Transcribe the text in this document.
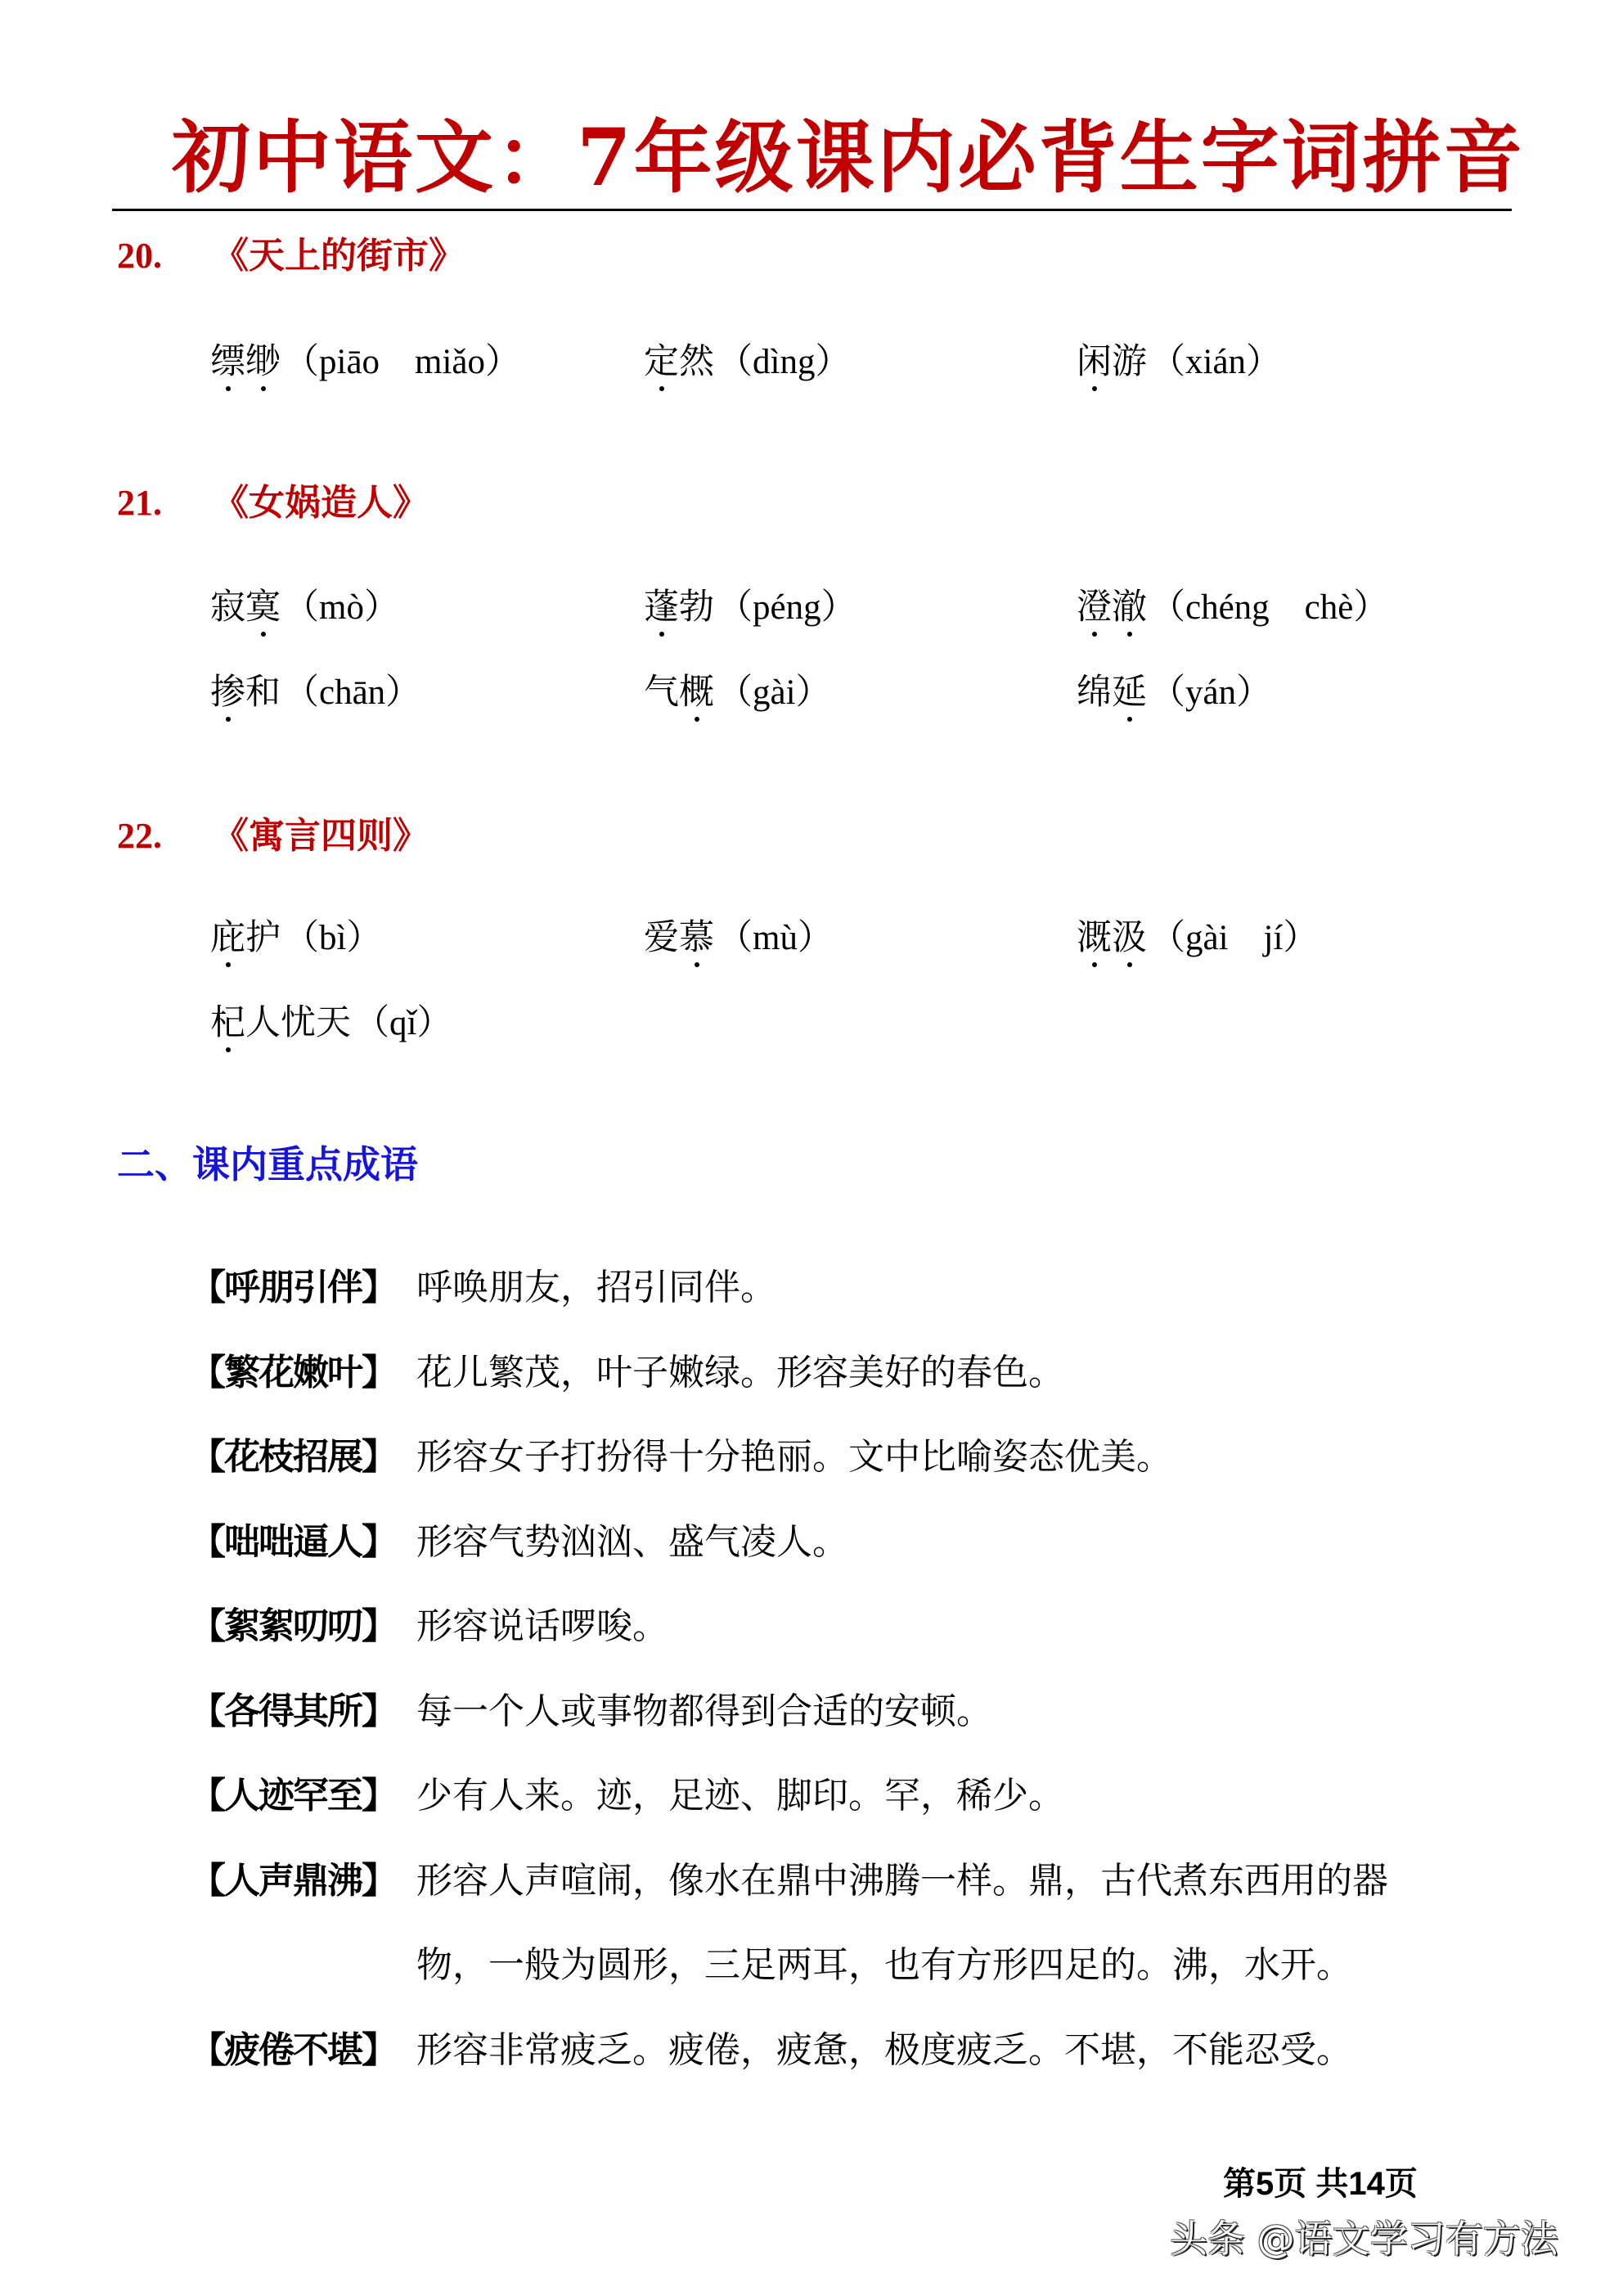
初中语文：7年级课内必背生字词拼音
20. 《天上的街市》
21. 《女娲造人》
22. 《寓言四则》
缥缈（piāo　miǎo）	定然（dìng）	闲游（xián）
寂寞（mò）	蓬勃（péng）	澄澈（chéng　chè）
掺和（chān）	气概（gài）	绵延（yán）
庇护（bì）	爱慕（mù）	溉汲（gài　jí）
杞人忧天（qǐ）
二、课内重点成语
【呼朋引伴】 呼唤朋友，招引同伴。
【繁花嫩叶】 花儿繁茂，叶子嫩绿。形容美好的春色。
【花枝招展】 形容女子打扮得十分艳丽。文中比喻姿态优美。
【咄咄逼人】 形容气势汹汹、盛气凌人。
【絮絮叨叨】 形容说话啰唆。
【各得其所】 每一个人或事物都得到合适的安顿。
【人迹罕至】 少有人来。迹，足迹、脚印。罕，稀少。
【人声鼎沸】 形容人声喧闹，像水在鼎中沸腾一样。鼎，古代煮东西用的器
物，一般为圆形，三足两耳，也有方形四足的。沸，水开。
【疲倦不堪】 形容非常疲乏。疲倦，疲惫，极度疲乏。不堪，不能忍受。
第5页 共14页
头条 @语文学习有方法
